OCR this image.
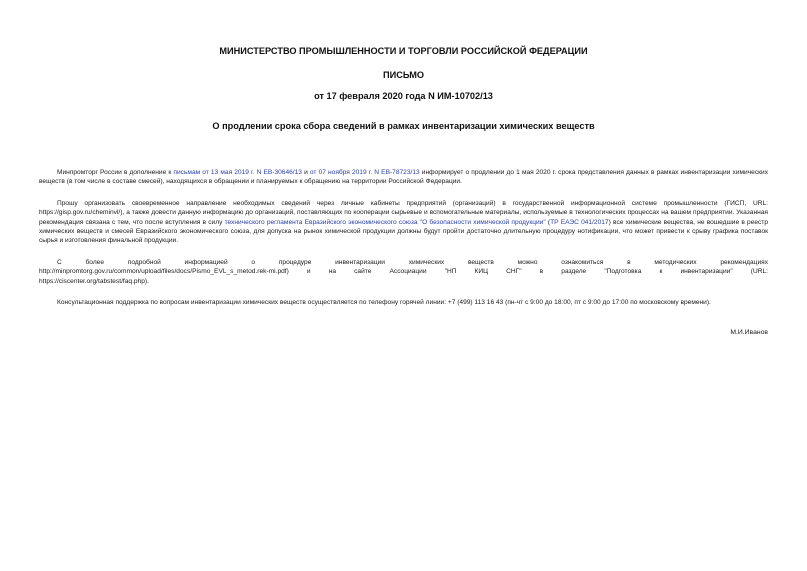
МИНИСТЕРСТВО ПРОМЫШЛЕННОСТИ И ТОРГОВЛИ РОССИЙСКОЙ ФЕДЕРАЦИИ
ПИСЬМО
от 17 февраля 2020 года N ИМ-10702/13
О продлении срока сбора сведений в рамках инвентаризации химических веществ

Минпромторг России в дополнение к письмам от 13 мая 2019 г. N ЕВ-30646/13 и от 07 ноября 2019 г. N ЕВ-78723/13 информирует о продлении до 1 мая 2020 г. срока представления данных в рамках инвентаризации химических веществ (в том числе в составе смесей), находящихся в обращении и планируемых к обращению на территории Российской Федерации.

Прошу организовать своевременное направление необходимых сведений через личные кабинеты предприятий (организаций) в государственной информационной системе промышленности (ГИСП, URL: https://gisp.gov.ru/cheminvl/), а также довести данную информацию до организаций, поставляющих по кооперации сырьевые и вспомогательные материалы, используемые в технологических процессах на вашем предприятии. Указанная рекомендация связана с тем, что после вступления в силу технического регламента Евразийского экономического союза "О безопасности химической продукции" (ТР ЕАЭС 041/2017) все химические вещества, не вошедшие в реестр химических веществ и смесей Евразийского экономического союза, для допуска на рынок химической продукции должны будут пройти достаточно длительную процедуру нотификации, что может привести к срыву графика поставок сырья и изготовления финальной продукции.

С более подробной информацией о процедуре инвентаризации химических веществ можно ознакомиться в методических рекомендациях http://minpromtorg.gov.ru/common/upload/files/docs/Pismo_EVL_s_metod.rek-mi.pdf) и на сайте Ассоциации "НП КИЦ СНГ" в разделе "Подготовка к инвентаризации" (URL: https://ciscenter.org/tabstest/faq.php).

Консультационная поддержка по вопросам инвентаризации химических веществ осуществляется по телефону горячей линии: +7 (499) 113 16 43 (пн-чт с 9:00 до 18:00, пт с 9:00 до 17:00 по московскому времени).

М.И.Иванов
